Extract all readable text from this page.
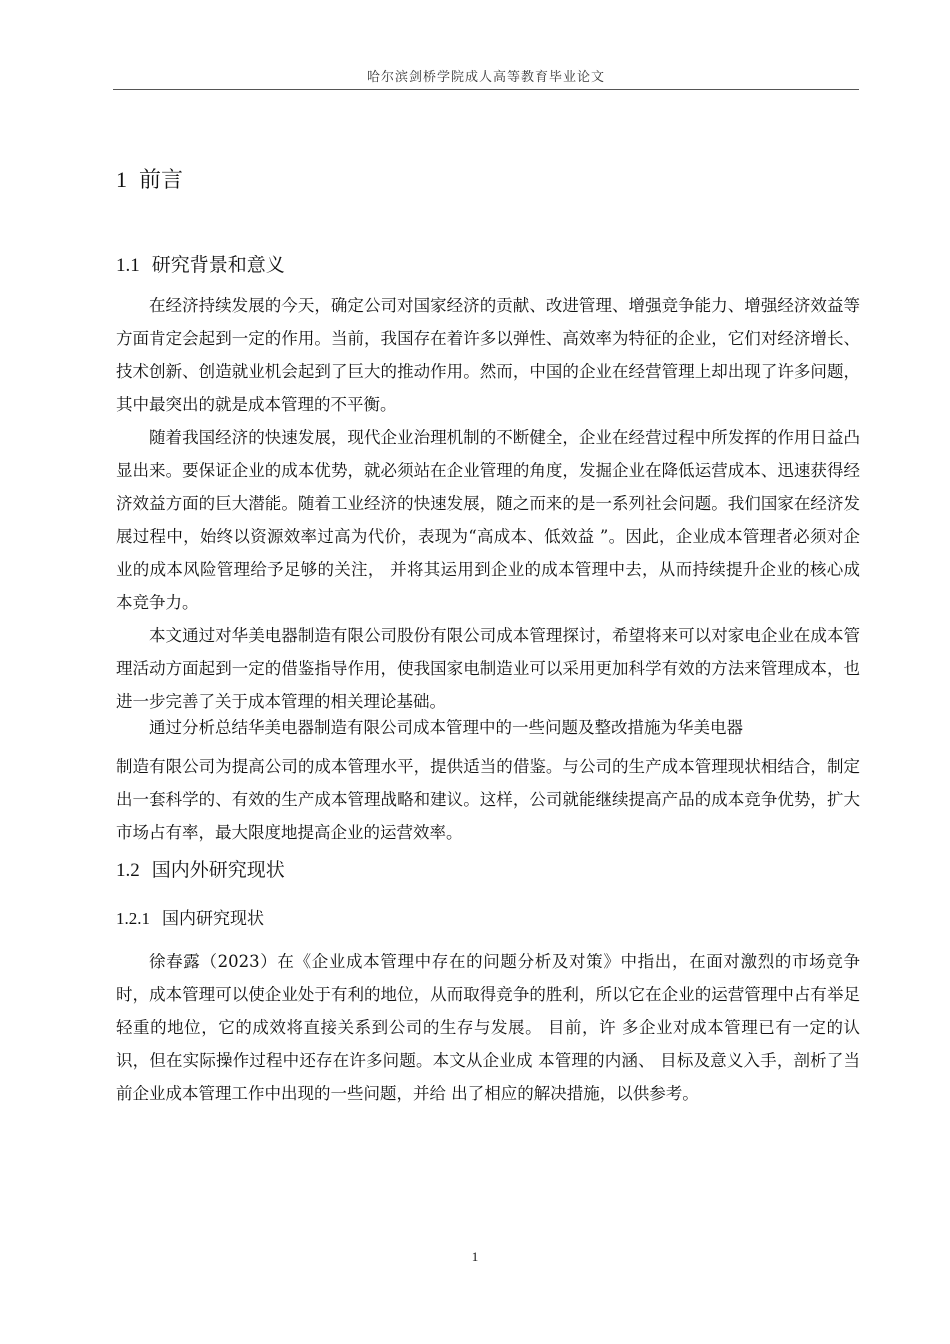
哈尔滨剑桥学院成人高等教育毕业论文
1 前言
1.1 研究背景和意义

在经济持续发展的今天，确定公司对国家经济的贡献、改进管理、增强竞争能力、增强经济效益等方面肯定会起到一定的作用。当前，我国存在着许多以弹性、高效率为特征的企业，它们对经济增长、技术创新、创造就业机会起到了巨大的推动作用。然而，中国的企业在经营管理上却出现了许多问题，其中最突出的就是成本管理的不平衡。

随着我国经济的快速发展，现代企业治理机制的不断健全，企业在经营过程中所发挥的作用日益凸显出来。要保证企业的成本优势，就必须站在企业管理的角度，发掘企业在降低运营成本、迅速获得经济效益方面的巨大潜能。随着工业经济的快速发展，随之而来的是一系列社会问题。我们国家在经济发展过程中，始终以资源效率过高为代价，表现为“高成本、低效益 ”。因此，企业成本管理者必须对企业的成本风险管理给予足够的关注， 并将其运用到企业的成本管理中去，从而持续提升企业的核心成本竞争力。

本文通过对华美电器制造有限公司股份有限公司成本管理探讨，希望将来可以对家电企业在成本管理活动方面起到一定的借鉴指导作用，使我国家电制造业可以采用更加科学有效的方法来管理成本，也进一步完善了关于成本管理的相关理论基础。

通过分析总结华美电器制造有限公司成本管理中的一些问题及整改措施为华美电器

制造有限公司为提高公司的成本管理水平，提供适当的借鉴。与公司的生产成本管理现状相结合，制定出一套科学的、有效的生产成本管理战略和建议。这样，公司就能继续提高产品的成本竞争优势，扩大市场占有率，最大限度地提高企业的运营效率。

1.2 国内外研究现状
1.2.1 国内研究现状

徐春露（2023）在《企业成本管理中存在的问题分析及对策》中指出，在面对激烈的市场竞争时，成本管理可以使企业处于有利的地位，从而取得竞争的胜利，所以它在企业的运营管理中占有举足轻重的地位，它的成效将直接关系到公司的生存与发展。 目前，许 多企业对成本管理已有一定的认识，但在实际操作过程中还存在许多问题。本文从企业成 本管理的内涵、 目标及意义入手，剖析了当前企业成本管理工作中出现的一些问题，并给 出了相应的解决措施，以供参考。

1
